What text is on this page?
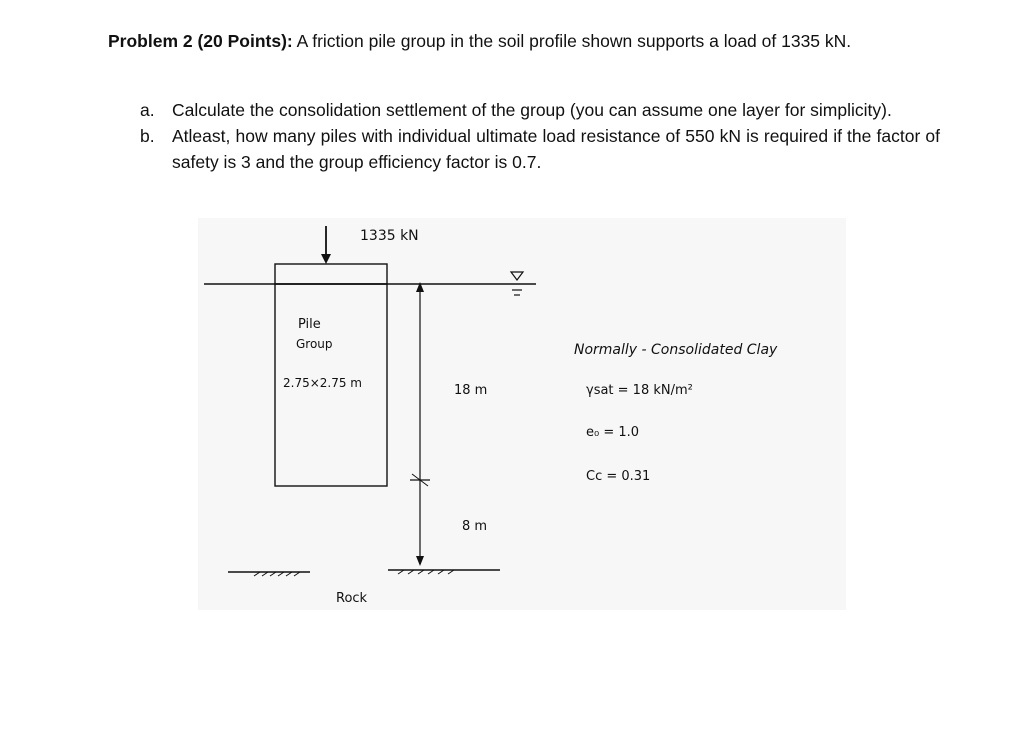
Problem 2 (20 Points): A friction pile group in the soil profile shown supports a load of 1335 kN.
a. Calculate the consolidation settlement of the group (you can assume one layer for simplicity).
b. Atleast, how many piles with individual ultimate load resistance of 550 kN is required if the factor of safety is 3 and the group efficiency factor is 0.7.
1335 kN
Pile
Group
2.75×2.75 m	18 m
8 m
Rock
Normally - Consolidated Clay
γsat = 18 kN/m²
e₀ = 1.0
Cc = 0.31
